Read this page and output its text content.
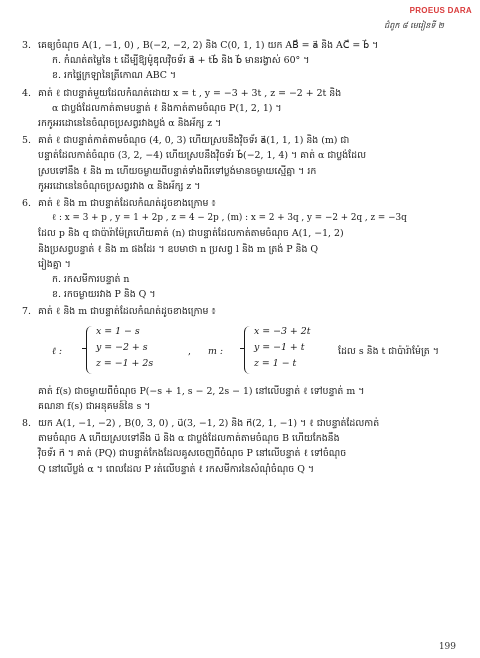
PROEUS DARA
ជំពូក ៨ មេរៀនទី ២
3. គេឲ្យចំណុច A(1, −1, 0) , B(−2, −2, 2) និង C(0, 1, 1) យក AB⃗ = a⃗ និង AC⃗ = b⃗ ។
ក. កំណត់តម្លៃនៃ t ដើម្បីឱ្យម៉ូឌុលវ៉ិចទ័រ a⃗ + tb⃗ និង b⃗ មានរង្វាស់ 60° ។
ខ. រកផ្ទៃក្រឡានៃត្រីកោណ ABC ។
4. គាត់ ℓ ជាបន្ទាត់មួយដែលកំណត់ដោយ x = t , y = −3 + 3t , z = −2 + 2t និង
α ជាប្លង់ដែលកាត់តាមបន្ទាត់ ℓ និងកាត់តាមចំណុច P(1, 2, 1) ។
រកកូអរដោនេនៃចំណុចប្រសព្វរវាងប្លង់ α និងអ័ក្ស z ។
5. គាត់ ℓ ជាបន្ទាត់កាត់តាមចំណុច (4, 0, 3) ហើយស្របនឹងវ៉ិចទ័រ a⃗(1, 1, 1) និង (m) ជា
បន្ទាត់ដែលកាត់ចំណុច (3, 2, −4) ហើយស្របនឹងវ៉ិចទ័រ b⃗(−2, 1, 4) ។ គាត់ α ជាប្លង់ដែល
ស្របទៅនឹង ℓ និង m ហើយចម្ងាយពីបន្ទាត់ទាំងពីរទៅប្លង់មានចម្ងាយស្មើគ្នា ។ រក
កូអរដោនេនៃចំណុចប្រសព្វរវាង α និងអ័ក្ស z ។
6. គាត់ ℓ និង m ជាបន្ទាត់ដែលកំណត់ដូចខាងក្រោម ៖
ℓ : x = 3 + p , y = 1 + 2p , z = 4 − 2p , (m) : x = 2 + 3q , y = −2 + 2q , z = −3q
ដែល p និង q ជាប៉ារ៉ាម៉ែត្រហើយគាត់ (n) ជាបន្ទាត់ដែលកាត់តាមចំណុច A(1, −1, 2)
និងប្រសព្វបន្ទាត់ ℓ និង m ផងដែរ ។ ឧបមាថា n ប្រសព្វ l និង m ត្រង់ P និង Q
រៀងគ្នា ។
ក. រកសមីការបន្ទាត់ n
ខ. រកចម្ងាយរវាង P និង Q ។
7. គាត់ ℓ និង m ជាបន្ទាត់ដែលកំណត់ដូចខាងក្រោម ៖
ℓ :
x = 1 − s
y = −2 + s
z = −1 + 2s
, m :
x = −3 + 2t
y = −1 + t
z = 1 − t
ដែល s និង t ជាប៉ារ៉ាម៉ែត្រ ។
គាត់ f(s) ជាចម្ងាយពីចំណុច P(−s + 1, s − 2, 2s − 1) នៅលើបន្ទាត់ ℓ ទៅបន្ទាត់ m ។
គណនា f(s) ជាអនុគមន៍នៃ s ។
8. យក A(1, −1, −2) , B(0, 3, 0) , u⃗(3, −1, 2) និង n⃗(2, 1, −1) ។ ℓ ជាបន្ទាត់ដែលកាត់
តាមចំណុច A ហើយស្របទៅនឹង u⃗ និង α ជាប្លង់ដែលកាត់តាមចំណុច B ហើយកែងនឹង
វ៉ិចទ័រ n⃗ ។ គាត់ (PQ) ជាបន្ទាត់កែងដែលគូសចេញពីចំណុច P នៅលើបន្ទាត់ ℓ ទៅចំណុច
Q នៅលើប្លង់ α ។ ពេលដែល P រត់លើបន្ទាត់ ℓ រកសមីការនៃសំណុំចំណុច Q ។
199
